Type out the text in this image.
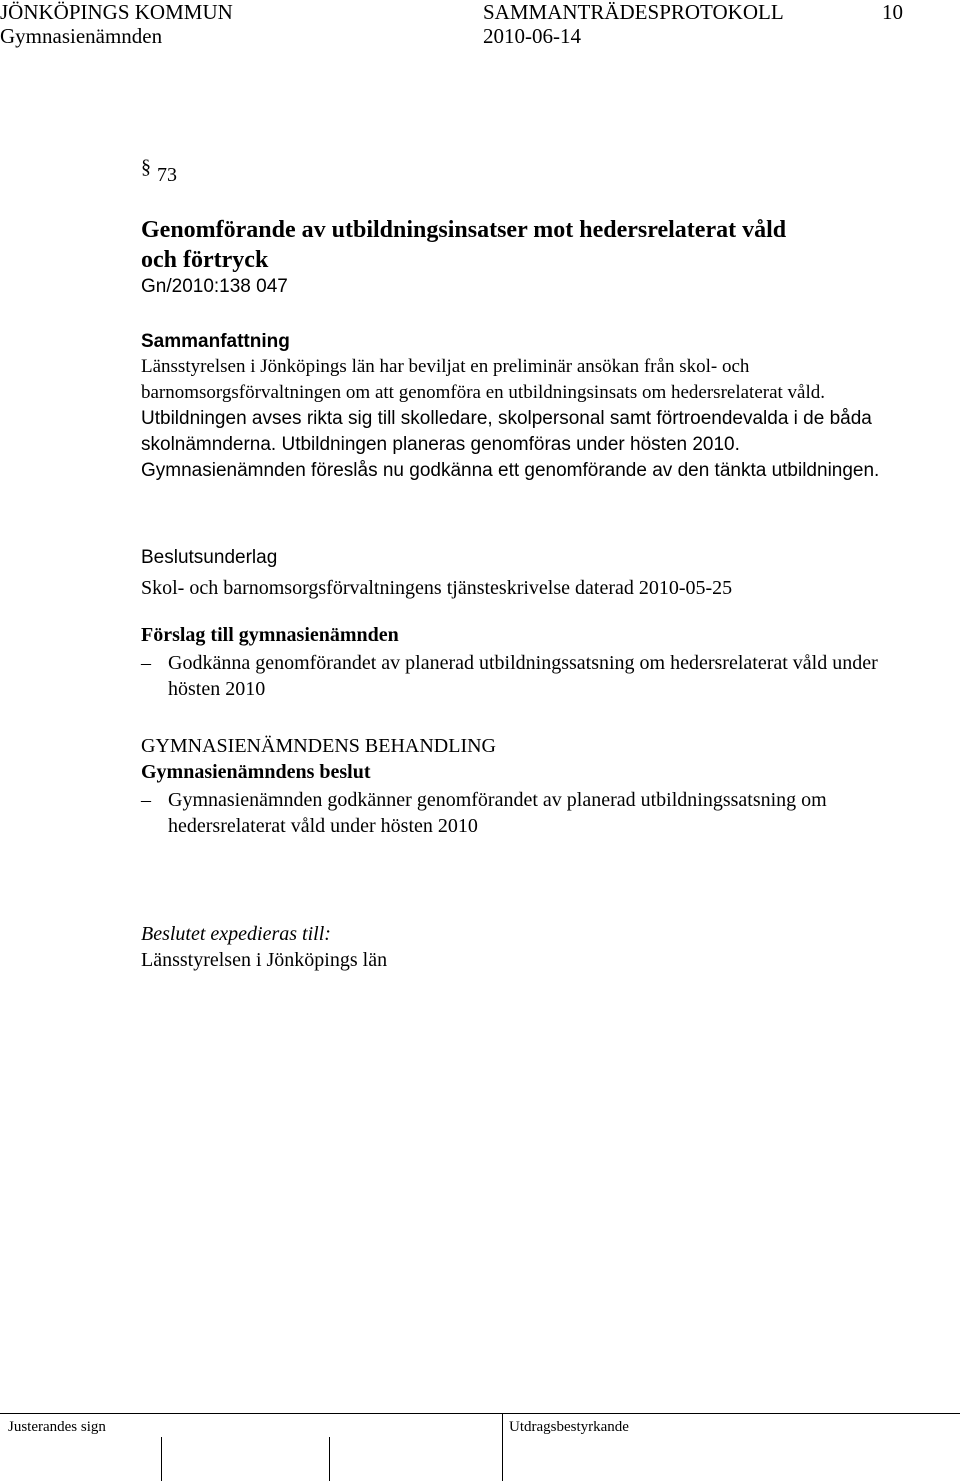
JÖNKÖPINGS KOMMUN
Gymnasienämnden
SAMMANTRÄDESPROTOKOLL
2010-06-14
10
§ 73
Genomförande av utbildningsinsatser mot hedersrelaterat våld
och förtryck
Gn/2010:138 047
Sammanfattning
Länsstyrelsen i Jönköpings län har beviljat en preliminär ansökan från skol- och barnomsorgsförvaltningen om att genomföra en utbildningsinsats om hedersrelaterat våld. Utbildningen avses rikta sig till skolledare, skolpersonal samt förtroendevalda i de båda skolnämnderna. Utbildningen planeras genomföras under hösten 2010. Gymnasienämnden föreslås nu godkänna ett genomförande av den tänkta utbildningen.
Beslutsunderlag
Skol- och barnomsorgsförvaltningens tjänsteskrivelse daterad 2010-05-25
Förslag till gymnasienämnden
– Godkänna genomförandet av planerad utbildningssatsning om hedersrelaterat våld under hösten 2010
GYMNASIENÄMNDENS BEHANDLING
Gymnasienämndens beslut
– Gymnasienämnden godkänner genomförandet av planerad utbildningssatsning om hedersrelaterat våld under hösten 2010
Beslutet expedieras till:
Länsstyrelsen i Jönköpings län
Justerandes sign	Utdragsbestyrkande
